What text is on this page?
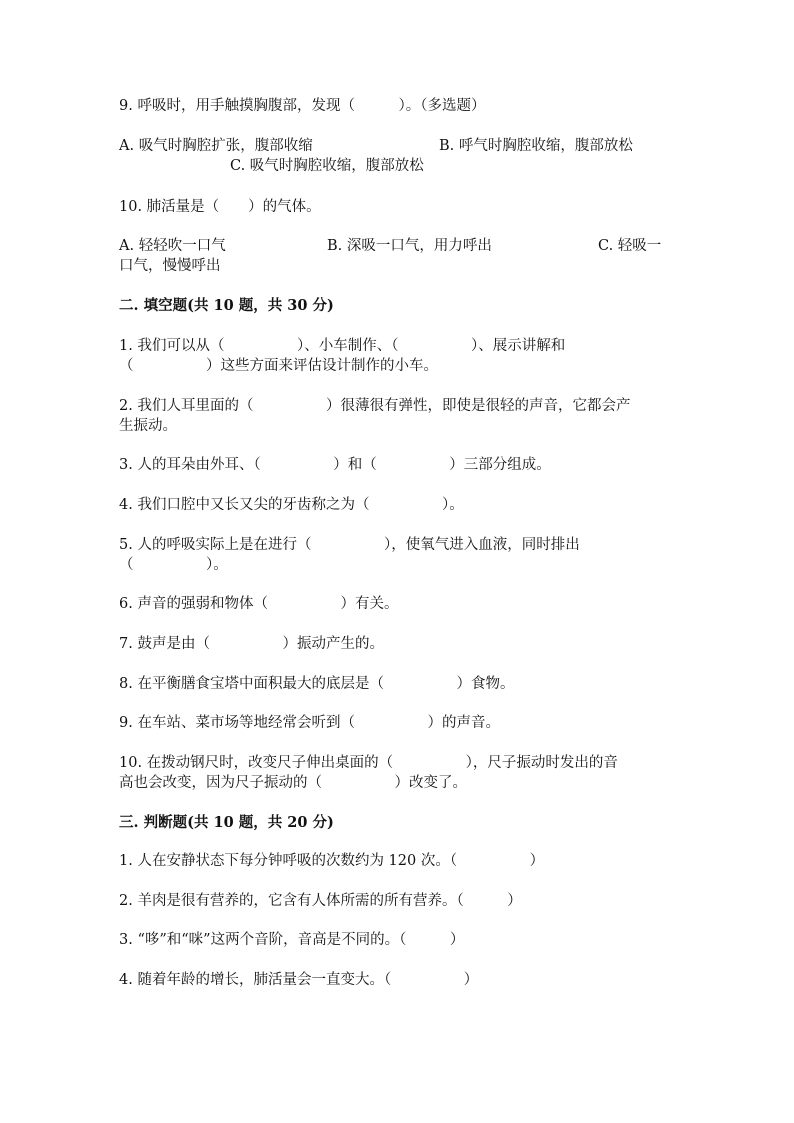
9. 呼吸时，用手触摸胸腹部，发现（　　　）。（多选题）
A. 吸气时胸腔扩张，腹部收缩	B. 呼气时胸腔收缩，腹部放松
C. 吸气时胸腔收缩，腹部放松
10. 肺活量是（　　）的气体。
A. 轻轻吹一口气	B. 深吸一口气，用力呼出	C. 轻吸一
口气，慢慢呼出
二. 填空题(共 10 题，共 30 分)
1. 我们可以从（　　　　　）、小车制作、（　　　　　）、展示讲解和
（　　　　　）这些方面来评估设计制作的小车。
2. 我们人耳里面的（　　　　　）很薄很有弹性，即使是很轻的声音，它都会产
生振动。
3. 人的耳朵由外耳、（　　　　　）和（　　　　　）三部分组成。
4. 我们口腔中又长又尖的牙齿称之为（　　　　　）。
5. 人的呼吸实际上是在进行（　　　　　），使氧气进入血液，同时排出
（　　　　　）。
6. 声音的强弱和物体（　　　　　）有关。
7. 鼓声是由（　　　　　）振动产生的。
8. 在平衡膳食宝塔中面积最大的底层是（　　　　　）食物。
9. 在车站、菜市场等地经常会听到（　　　　　）的声音。
10. 在拨动钢尺时，改变尺子伸出桌面的（　　　　　），尺子振动时发出的音
高也会改变，因为尺子振动的（　　　　　）改变了。
三. 判断题(共 10 题，共 20 分)
1. 人在安静状态下每分钟呼吸的次数约为 120 次。（　　　　　）
2. 羊肉是很有营养的，它含有人体所需的所有营养。（　　　）
3. “哆”和“咪”这两个音阶，音高是不同的。（　　　）
4. 随着年龄的增长，肺活量会一直变大。（　　　　　）
